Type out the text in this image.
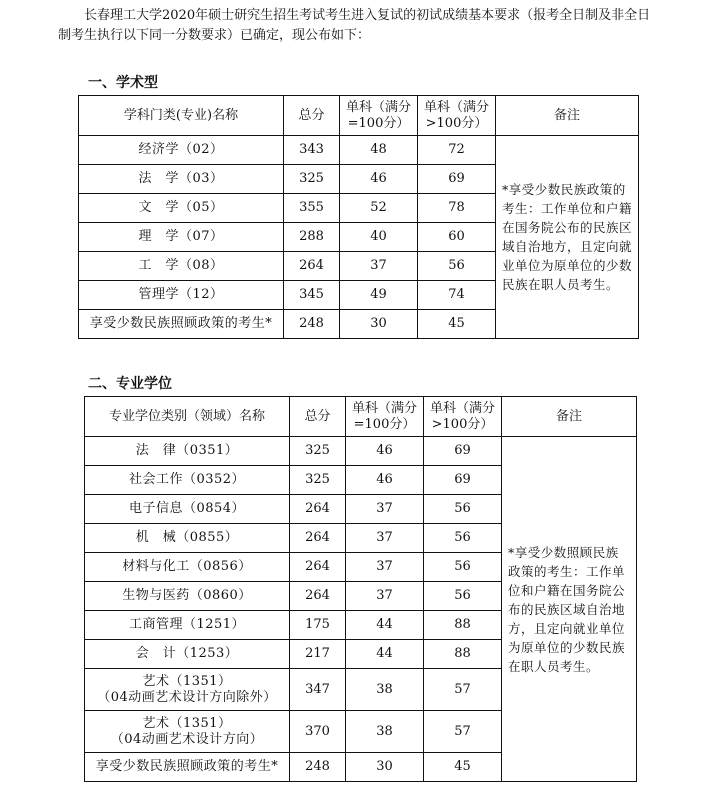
长春理工大学2020年硕士研究生招生考试考生进入复试的初试成绩基本要求（报考全日制及非全日制考生执行以下同一分数要求）已确定，现公布如下：

一、学术型
学科门类(专业)名称	总分	单科（满分=100分）	单科（满分>100分）	备注

经济学（02）	343	48	72	*享受少数民族政策的考生：工作单位和户籍在国务院公布的民族区域自治地方，且定向就业单位为原单位的少数民族在职人员考生。

法　学（03）	325	46	69	

文　学（05）	355	52	78	

理　学（07）	288	40	60	

工　学（08）	264	37	56	

管理学（12）	345	49	74	

享受少数民族照顾政策的考生*	248	30	45	
二、专业学位
专业学位类别（领域）名称	总分	单科（满分=100分）	单科（满分>100分）	备注

法　律（0351）	325	46	69	*享受少数照顾民族政策的考生：工作单位和户籍在国务院公布的民族区域自治地方，且定向就业单位为原单位的少数民族在职人员考生。

社会工作（0352）	325	46	69	

电子信息（0854）	264	37	56	

机　械（0855）	264	37	56	

材料与化工（0856）	264	37	56	

生物与医药（0860）	264	37	56	

工商管理（1251）	175	44	88	

会　计（1253）	217	44	88	

艺术（1351）
（04动画艺术设计方向除外）	347	38	57	

艺术（1351）
（04动画艺术设计方向）	370	38	57	

享受少数民族照顾政策的考生*	248	30	45	
